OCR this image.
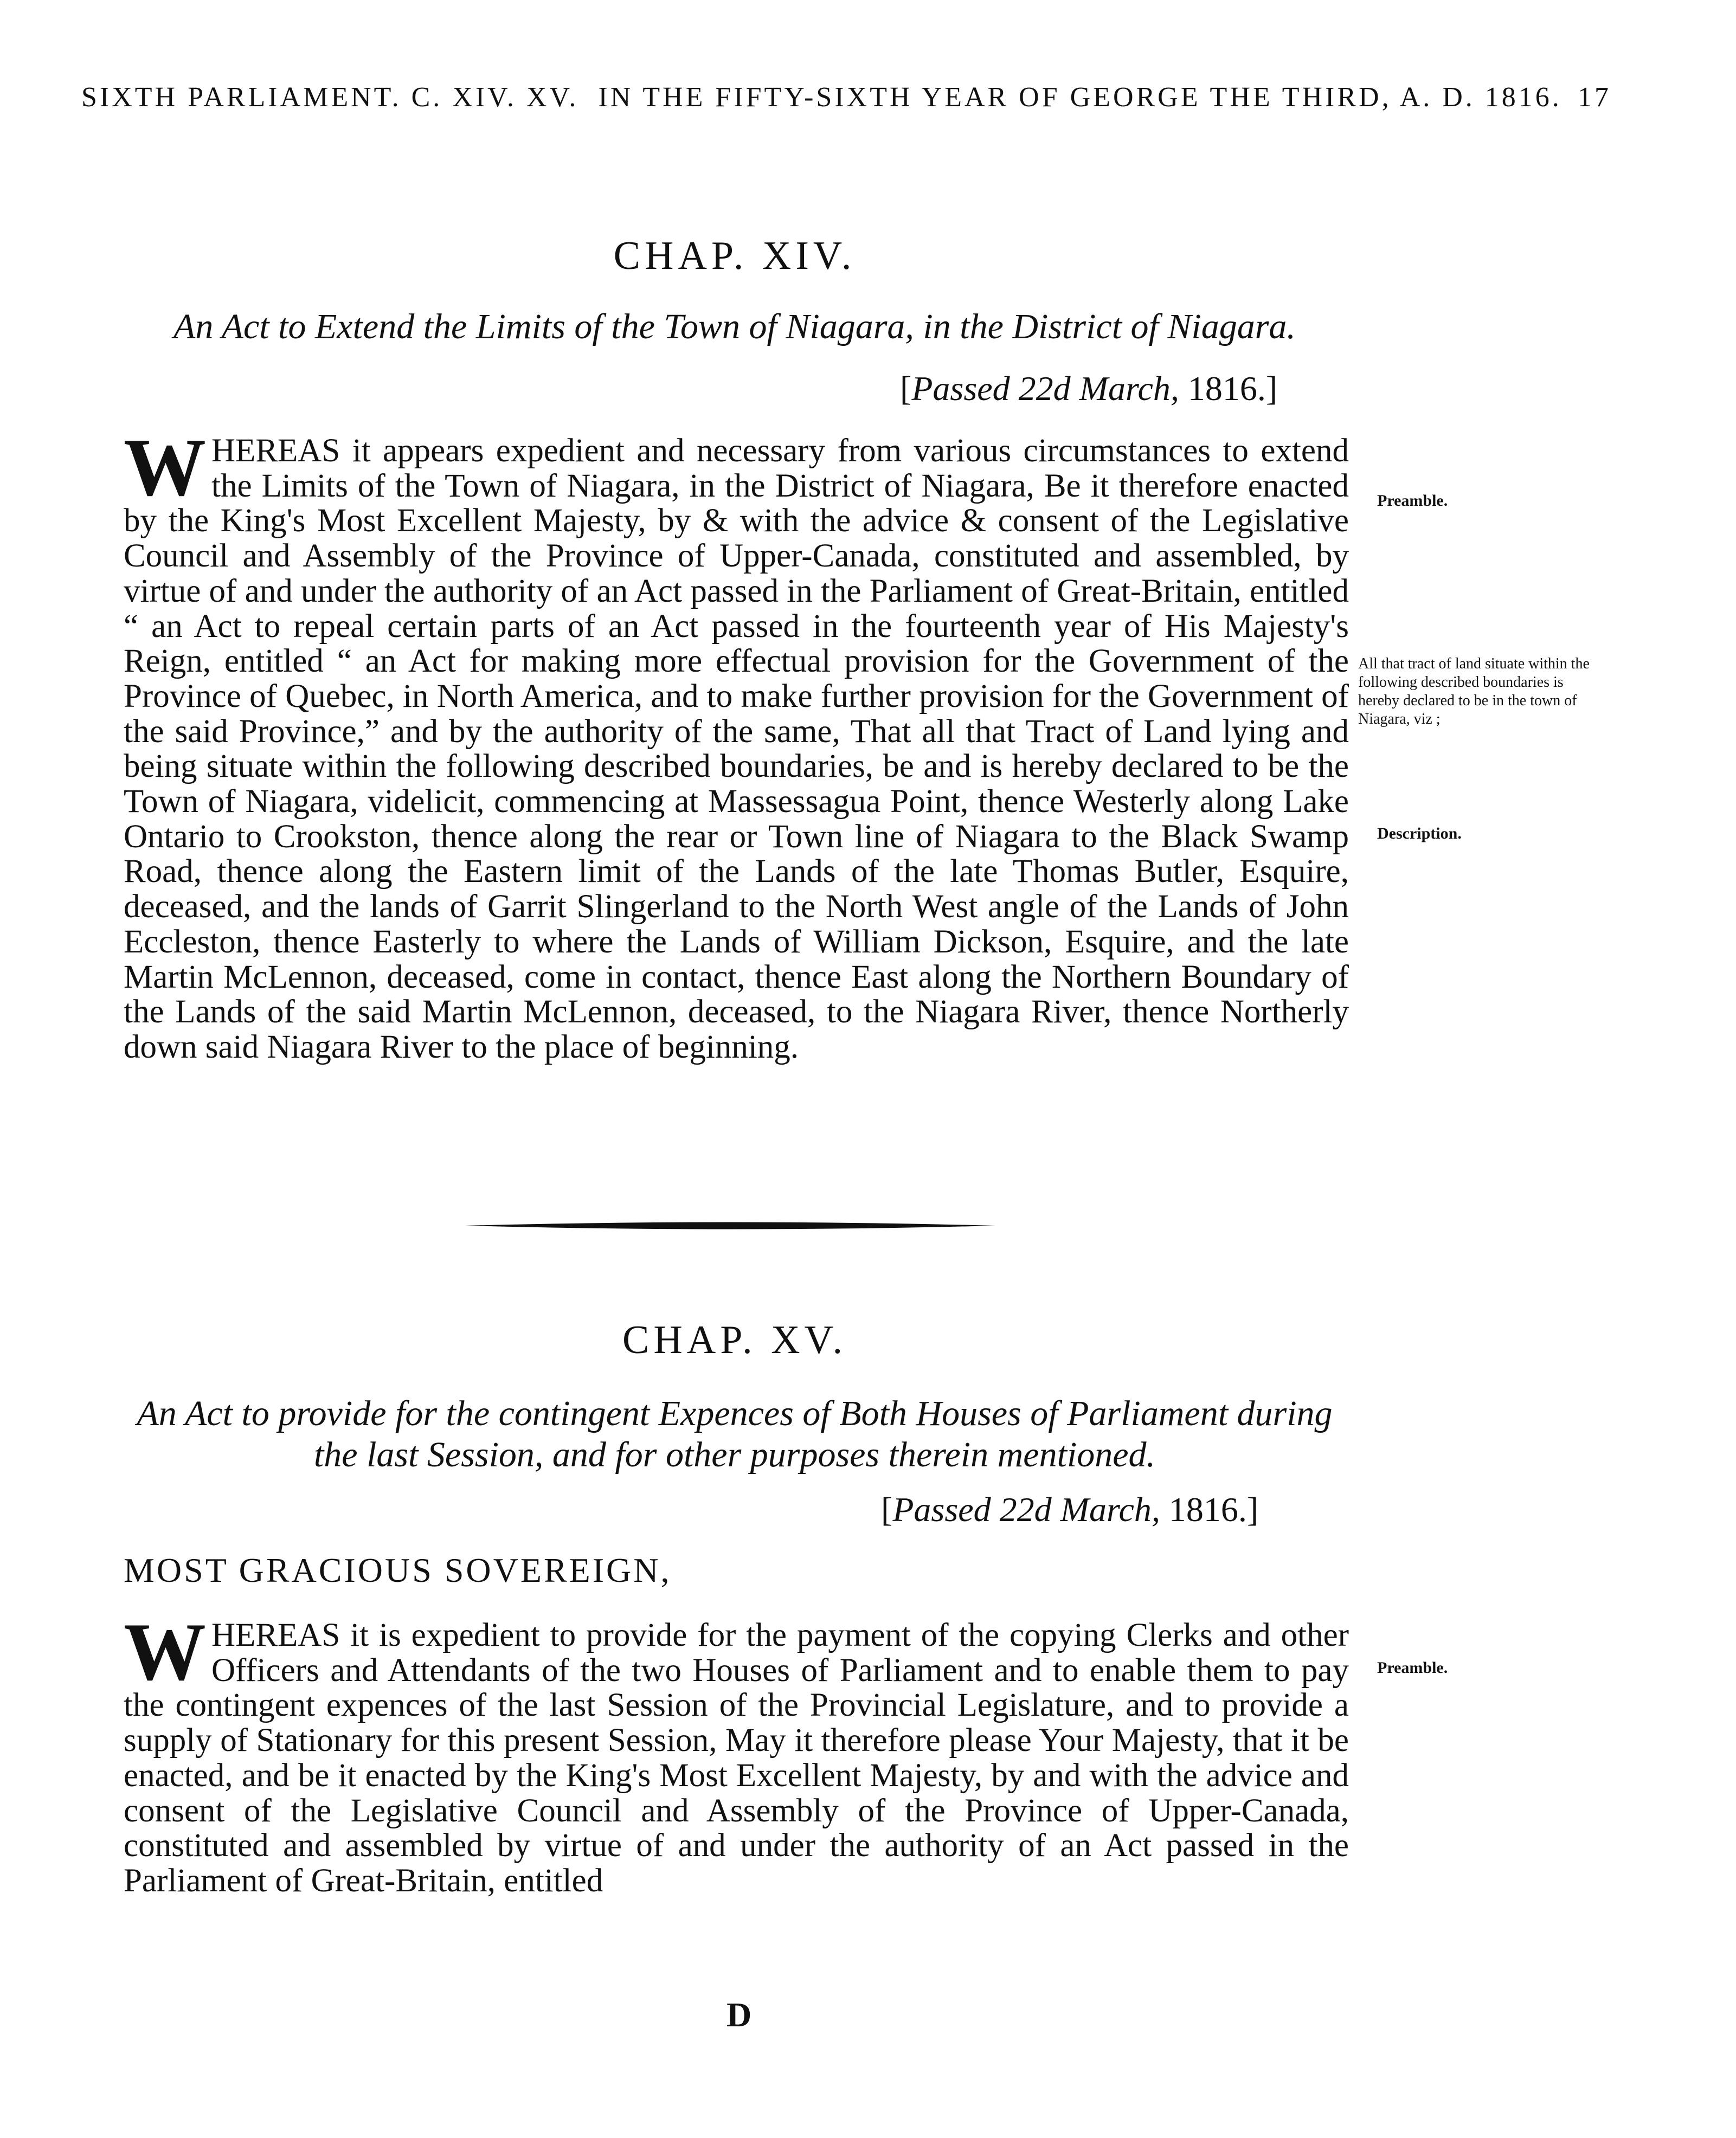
SIXTH PARLIAMENT. C. XIV. XV. IN THE FIFTY-SIXTH YEAR OF GEORGE THE THIRD, A. D. 1816. 17
CHAP. XIV.
An Act to Extend the Limits of the Town of Niagara, in the District of Niagara.
[Passed 22d March, 1816.]
WHEREAS it appears expedient and necessary from various circumstances to extend the Limits of the Town of Niagara, in the District of Niagara, Be it therefore enacted by the King's Most Excellent Majesty, by & with the advice & consent of the Legislative Council and Assembly of the Province of Upper-Canada, constituted and assembled, by virtue of and under the authority of an Act passed in the Parliament of Great-Britain, entitled “ an Act to repeal certain parts of an Act passed in the fourteenth year of His Majesty's Reign, entitled “ an Act for making more effectual provision for the Government of the Province of Quebec, in North America, and to make further provision for the Government of the said Province,” and by the authority of the same, That all that Tract of Land lying and being situate within the following described boundaries, be and is hereby declared to be the Town of Niagara, videlicit, commencing at Massessagua Point, thence Westerly along Lake Ontario to Crookston, thence along the rear or Town line of Niagara to the Black Swamp Road, thence along the Eastern limit of the Lands of the late Thomas Butler, Esquire, deceased, and the lands of Garrit Slingerland to the North West angle of the Lands of John Eccleston, thence Easterly to where the Lands of William Dickson, Esquire, and the late Martin McLennon, deceased, come in contact, thence East along the Northern Boundary of the Lands of the said Martin McLennon, deceased, to the Niagara River, thence Northerly down said Niagara River to the place of beginning.
Preamble.
All that tract of land situate within the following described boundaries is hereby declared to be in the town of Niagara, viz ;
Description.
CHAP. XV.
An Act to provide for the contingent Expences of Both Houses of Parliament during the last Session, and for other purposes therein mentioned.
[Passed 22d March, 1816.]
MOST GRACIOUS SOVEREIGN,
WHEREAS it is expedient to provide for the payment of the copying Clerks and other Officers and Attendants of the two Houses of Parliament and to enable them to pay the contingent expences of the last Session of the Provincial Legislature, and to provide a supply of Stationary for this present Session, May it therefore please Your Majesty, that it be enacted, and be it enacted by the King's Most Excellent Majesty, by and with the advice and consent of the Legislative Council and Assembly of the Province of Upper-Canada, constituted and assembled by virtue of and under the authority of an Act passed in the Parliament of Great-Britain, entitled
Preamble.
D
